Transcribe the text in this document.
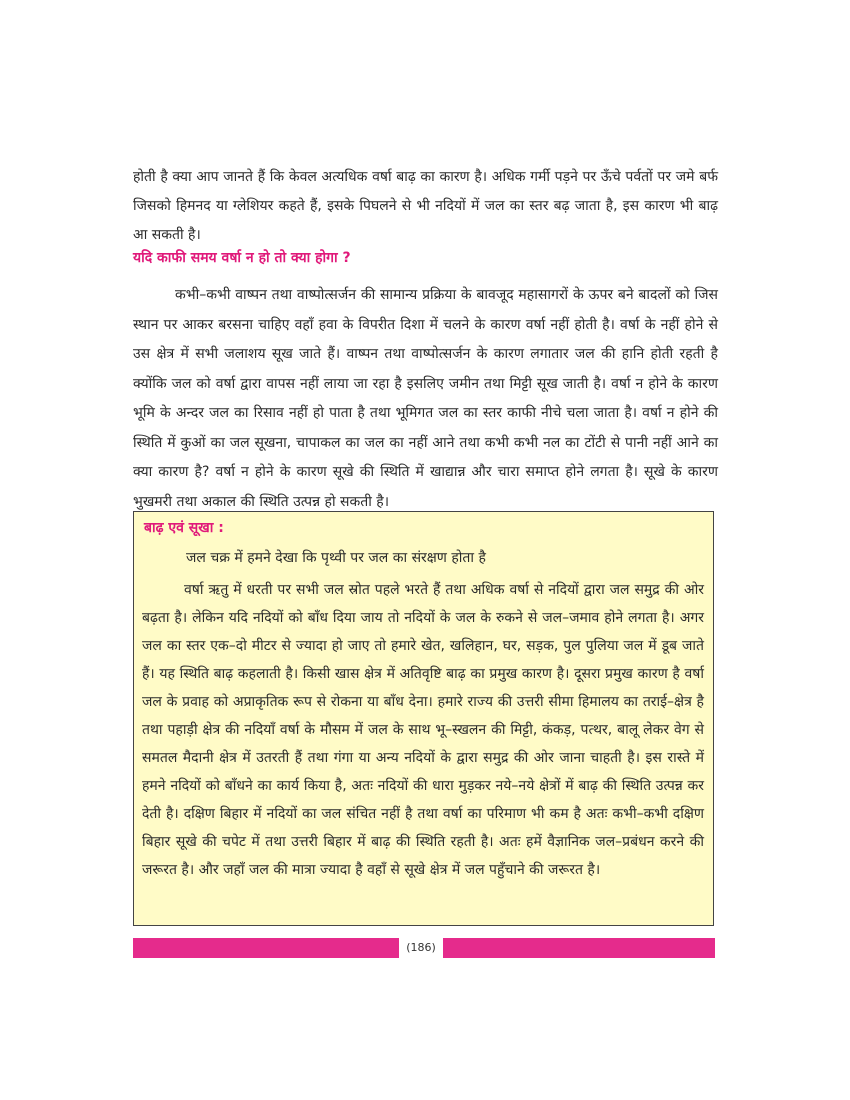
होती है क्या आप जानते हैं कि केवल अत्यधिक वर्षा बाढ़ का कारण है। अधिक गर्मी पड़ने पर ऊँचे पर्वतों पर जमे बर्फ जिसको हिमनद या ग्लेशियर कहते हैं, इसके पिघलने से भी नदियों में जल का स्तर बढ़ जाता है, इस कारण भी बाढ़ आ सकती है।

यदि काफी समय वर्षा न हो तो क्या होगा ?

कभी–कभी वाष्पन तथा वाष्पोत्सर्जन की सामान्य प्रक्रिया के बावजूद महासागरों के ऊपर बने बादलों को जिस स्थान पर आकर बरसना चाहिए वहाँ हवा के विपरीत दिशा में चलने के कारण वर्षा नहीं होती है। वर्षा के नहीं होने से उस क्षेत्र में सभी जलाशय सूख जाते हैं। वाष्पन तथा वाष्पोत्सर्जन के कारण लगातार जल की हानि होती रहती है क्योंकि जल को वर्षा द्वारा वापस नहीं लाया जा रहा है इसलिए जमीन तथा मिट्टी सूख जाती है। वर्षा न होने के कारण भूमि के अन्दर जल का रिसाव नहीं हो पाता है तथा भूमिगत जल का स्तर काफी नीचे चला जाता है। वर्षा न होने की स्थिति में कुओं का जल सूखना, चापाकल का जल का नहीं आने तथा कभी कभी नल का टोंटी से पानी नहीं आने का क्या कारण है? वर्षा न होने के कारण सूखे की स्थिति में खाद्यान्न और चारा समाप्त होने लगता है। सूखे के कारण भुखमरी तथा अकाल की स्थिति उत्पन्न हो सकती है।

बाढ़ एवं सूखा :
जल चक्र में हमने देखा कि पृथ्वी पर जल का संरक्षण होता है

वर्षा ऋतु में धरती पर सभी जल स्रोत पहले भरते हैं तथा अधिक वर्षा से नदियों द्वारा जल समुद्र की ओर बढ़ता है। लेकिन यदि नदियों को बाँध दिया जाय तो नदियों के जल के रुकने से जल–जमाव होने लगता है। अगर जल का स्तर एक–दो मीटर से ज्यादा हो जाए तो हमारे खेत, खलिहान, घर, सड़क, पुल पुलिया जल में डूब जाते हैं। यह स्थिति बाढ़ कहलाती है। किसी खास क्षेत्र में अतिवृष्टि बाढ़ का प्रमुख कारण है। दूसरा प्रमुख कारण है वर्षा जल के प्रवाह को अप्राकृतिक रूप से रोकना या बाँध देना। हमारे राज्य की उत्तरी सीमा हिमालय का तराई–क्षेत्र है तथा पहाड़ी क्षेत्र की नदियाँ वर्षा के मौसम में जल के साथ भू–स्खलन की मिट्टी, कंकड़, पत्थर, बालू लेकर वेग से समतल मैदानी क्षेत्र में उतरती हैं तथा गंगा या अन्य नदियों के द्वारा समुद्र की ओर जाना चाहती है। इस रास्ते में हमने नदियों को बाँधने का कार्य किया है, अतः नदियों की धारा मुड़कर नये–नये क्षेत्रों में बाढ़ की स्थिति उत्पन्न कर देती है। दक्षिण बिहार में नदियों का जल संचित नहीं है तथा वर्षा का परिमाण भी कम है अतः कभी–कभी दक्षिण बिहार सूखे की चपेट में तथा उत्तरी बिहार में बाढ़ की स्थिति रहती है। अतः हमें वैज्ञानिक जल–प्रबंधन करने की जरूरत है। और जहाँ जल की मात्रा ज्यादा है वहाँ से सूखे क्षेत्र में जल पहुँचाने की जरूरत है।

(186)
